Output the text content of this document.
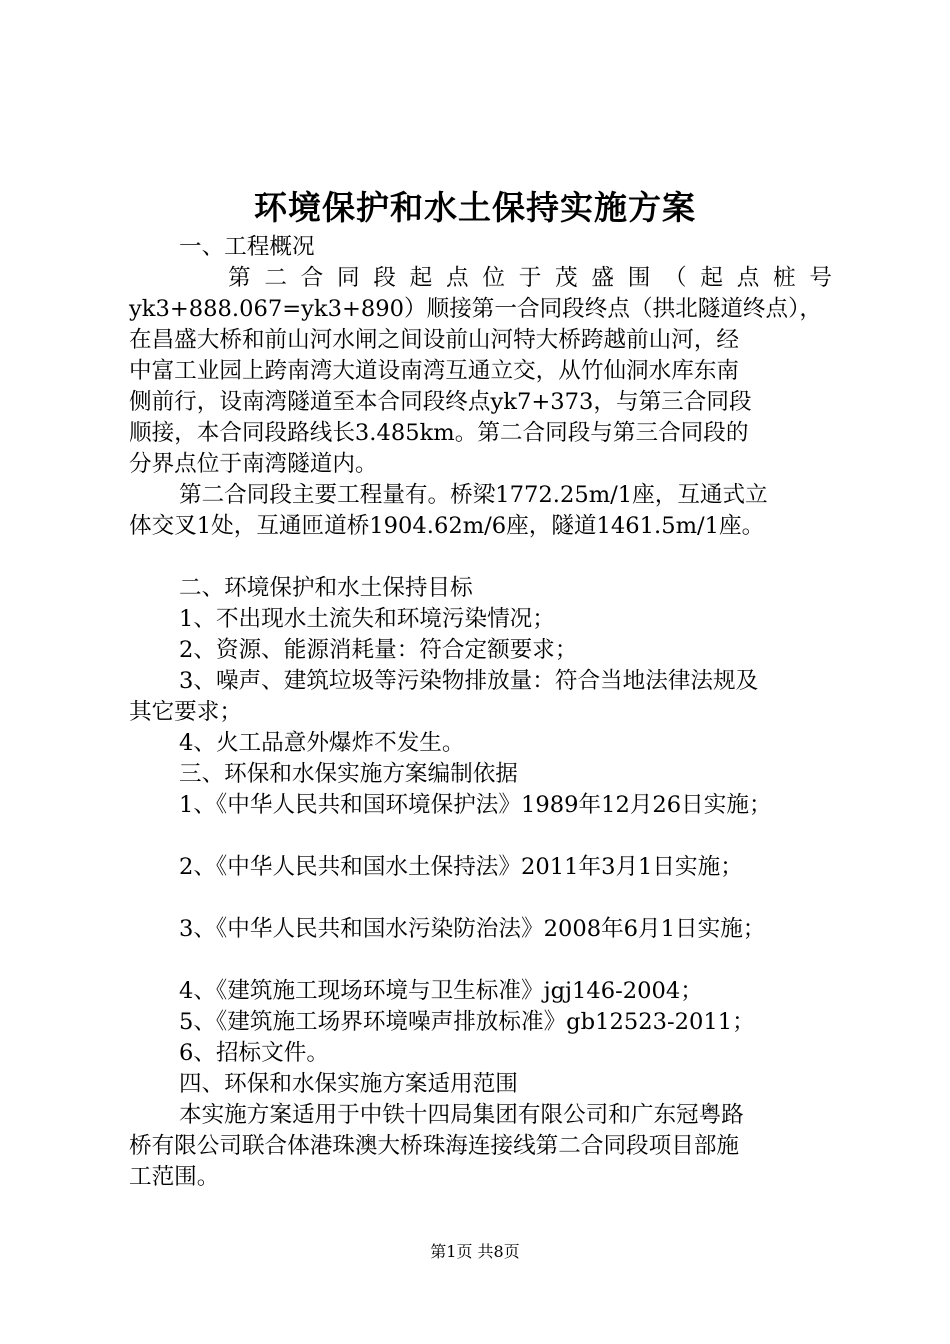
环境保护和水土保持实施方案
一、工程概况
第 二 合 同 段 起 点 位 于 茂 盛 围 （ 起 点 桩 号
yk3+888.067=yk3+890）顺接第一合同段终点（拱北隧道终点），
在昌盛大桥和前山河水闸之间设前山河特大桥跨越前山河，经
中富工业园上跨南湾大道设南湾互通立交，从竹仙洞水库东南
侧前行，设南湾隧道至本合同段终点yk7+373，与第三合同段
顺接，本合同段路线长3.485km。第二合同段与第三合同段的
分界点位于南湾隧道内。
第二合同段主要工程量有。桥梁1772.25m/1座，互通式立
体交叉1处，互通匝道桥1904.62m/6座，隧道1461.5m/1座。
二、环境保护和水土保持目标
1、不出现水土流失和环境污染情况；
2、资源、能源消耗量：符合定额要求；
3、噪声、建筑垃圾等污染物排放量：符合当地法律法规及
其它要求；
4、火工品意外爆炸不发生。
三、环保和水保实施方案编制依据
1、《中华人民共和国环境保护法》1989年12月26日实施；
2、《中华人民共和国水土保持法》2011年3月1日实施；
3、《中华人民共和国水污染防治法》2008年6月1日实施；
4、《建筑施工现场环境与卫生标准》jgj146-2004；
5、《建筑施工场界环境噪声排放标准》gb12523-2011；
6、招标文件。
四、环保和水保实施方案适用范围
本实施方案适用于中铁十四局集团有限公司和广东冠粤路
桥有限公司联合体港珠澳大桥珠海连接线第二合同段项目部施
工范围。
第1页 共8页
